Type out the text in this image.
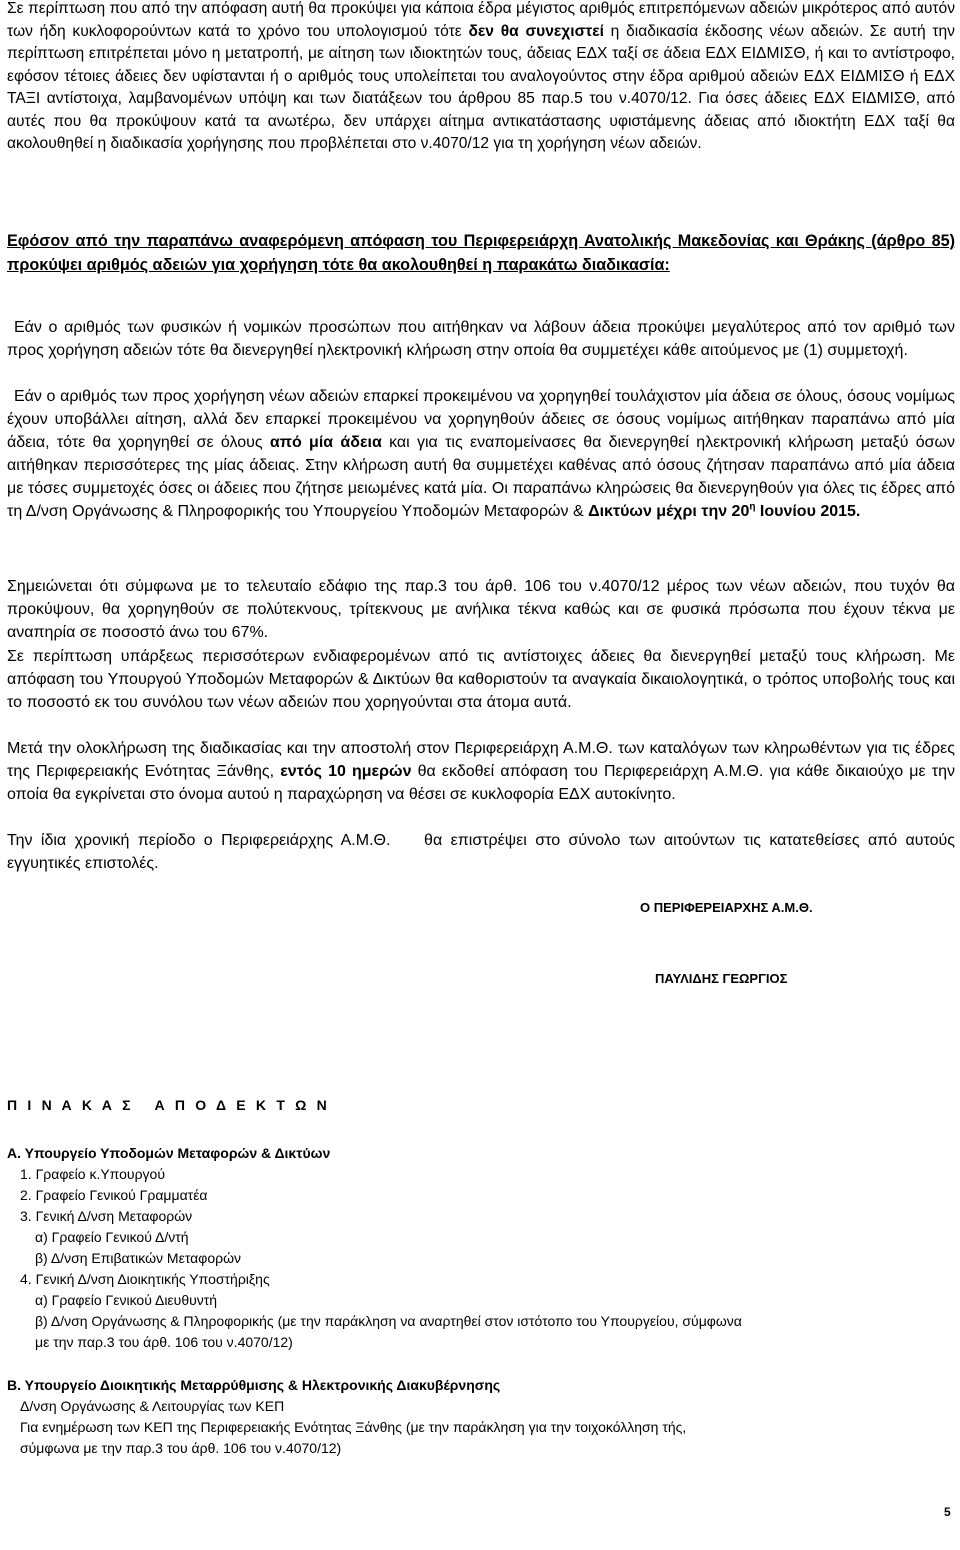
Σε περίπτωση που από την απόφαση αυτή θα προκύψει για κάποια έδρα μέγιστος αριθμός επιτρεπόμενων αδειών μικρότερος από αυτόν των ήδη κυκλοφορούντων κατά το χρόνο του υπολογισμού τότε δεν θα συνεχιστεί η διαδικασία έκδοσης νέων αδειών. Σε αυτή την περίπτωση επιτρέπεται μόνο η μετατροπή, με αίτηση των ιδιοκτητών τους, άδειας ΕΔΧ ταξί σε άδεια ΕΔΧ ΕΙΔΜΙΣΘ, ή και το αντίστροφο, εφόσον τέτοιες άδειες δεν υφίστανται ή ο αριθμός τους υπολείπεται του αναλογούντος στην έδρα αριθμού αδειών ΕΔΧ ΕΙΔΜΙΣΘ ή ΕΔΧ ΤΑΞΙ αντίστοιχα, λαμβανομένων υπόψη και των διατάξεων του άρθρου 85 παρ.5 του ν.4070/12. Για όσες άδειες ΕΔΧ ΕΙΔΜΙΣΘ, από αυτές που θα προκύψουν κατά τα ανωτέρω, δεν υπάρχει αίτημα αντικατάστασης υφιστάμενης άδειας από ιδιοκτήτη ΕΔΧ ταξί θα ακολουθηθεί η διαδικασία χορήγησης που προβλέπεται στο ν.4070/12 για τη χορήγηση νέων αδειών.

Εφόσον από την παραπάνω αναφερόμενη απόφαση του Περιφερειάρχη Ανατολικής Μακεδονίας και Θράκης (άρθρο 85) προκύψει αριθμός αδειών για χορήγηση τότε θα ακολουθηθεί η παρακάτω διαδικασία:

Εάν ο αριθμός των φυσικών ή νομικών προσώπων που αιτήθηκαν να λάβουν άδεια προκύψει μεγαλύτερος από τον αριθμό των προς χορήγηση αδειών τότε θα διενεργηθεί ηλεκτρονική κλήρωση στην οποία θα συμμετέχει κάθε αιτούμενος με (1) συμμετοχή.

Εάν ο αριθμός των προς χορήγηση νέων αδειών επαρκεί προκειμένου να χορηγηθεί τουλάχιστον μία άδεια σε όλους, όσους νομίμως έχουν υποβάλλει αίτηση, αλλά δεν επαρκεί προκειμένου να χορηγηθούν άδειες σε όσους νομίμως αιτήθηκαν παραπάνω από μία άδεια, τότε θα χορηγηθεί σε όλους από μία άδεια και για τις εναπομείνασες θα διενεργηθεί ηλεκτρονική κλήρωση μεταξύ όσων αιτήθηκαν περισσότερες της μίας άδειας. Στην κλήρωση αυτή θα συμμετέχει καθένας από όσους ζήτησαν παραπάνω από μία άδεια με τόσες συμμετοχές όσες οι άδειες που ζήτησε μειωμένες κατά μία. Οι παραπάνω κληρώσεις θα διενεργηθούν για όλες τις έδρες από τη Δ/νση Οργάνωσης & Πληροφορικής του Υπουργείου Υποδομών Μεταφορών & Δικτύων μέχρι την $20^\eta$ Ιουνίου 2015.

Σημειώνεται ότι σύμφωνα με το τελευταίο εδάφιο της παρ.3 του άρθ. 106 του ν.4070/12 μέρος των νέων αδειών, που τυχόν θα προκύψουν, θα χορηγηθούν σε πολύτεκνους, τρίτεκνους με ανήλικα τέκνα καθώς και σε φυσικά πρόσωπα που έχουν τέκνα με αναπηρία σε ποσοστό άνω του 67%.

Σε περίπτωση υπάρξεως περισσότερων ενδιαφερομένων από τις αντίστοιχες άδειες θα διενεργηθεί μεταξύ τους κλήρωση. Με απόφαση του Υπουργού Υποδομών Μεταφορών & Δικτύων θα καθοριστούν τα αναγκαία δικαιολογητικά, ο τρόπος υποβολής τους και το ποσοστό εκ του συνόλου των νέων αδειών που χορηγούνται στα άτομα αυτά.

Μετά την ολοκλήρωση της διαδικασίας και την αποστολή στον Περιφερειάρχη Α.Μ.Θ. των καταλόγων των κληρωθέντων για τις έδρες της Περιφερειακής Ενότητας Ξάνθης, εντός 10 ημερών θα εκδοθεί απόφαση του Περιφερειάρχη Α.Μ.Θ. για κάθε δικαιούχο με την οποία θα εγκρίνεται στο όνομα αυτού η παραχώρηση να θέσει σε κυκλοφορία ΕΔΧ αυτοκίνητο.

Την ίδια χρονική περίοδο ο Περιφερειάρχης Α.Μ.Θ.    θα επιστρέψει στο σύνολο των αιτούντων τις κατατεθείσες από αυτούς εγγυητικές επιστολές.

Ο ΠΕΡΙΦΕΡΕΙΑΡΧΗΣ Α.Μ.Θ.
ΠΑΥΛΙΔΗΣ ΓΕΩΡΓΙΟΣ
Π Ι Ν Α Κ Α Σ   Α Π Ο Δ Ε Κ Τ Ω Ν
Α. Υπουργείο Υποδομών Μεταφορών & Δικτύων
1. Γραφείο κ.Υπουργού
2. Γραφείο Γενικού Γραμματέα
3. Γενική Δ/νση Μεταφορών
α) Γραφείο Γενικού Δ/ντή
β) Δ/νση Επιβατικών Μεταφορών
4. Γενική Δ/νση Διοικητικής Υποστήριξης
α) Γραφείο Γενικού Διευθυντή
β) Δ/νση Οργάνωσης & Πληροφορικής (με την παράκληση να αναρτηθεί στον ιστότοπο του Υπουργείου, σύμφωνα
με την παρ.3 του άρθ. 106 του ν.4070/12)
Β. Υπουργείο Διοικητικής Μεταρρύθμισης & Ηλεκτρονικής Διακυβέρνησης
Δ/νση Οργάνωσης & Λειτουργίας των ΚΕΠ
Για ενημέρωση των ΚΕΠ της Περιφερειακής Ενότητας Ξάνθης (με την παράκληση για την τοιχοκόλληση τής,
σύμφωνα με την παρ.3 του άρθ. 106 του ν.4070/12)
5
